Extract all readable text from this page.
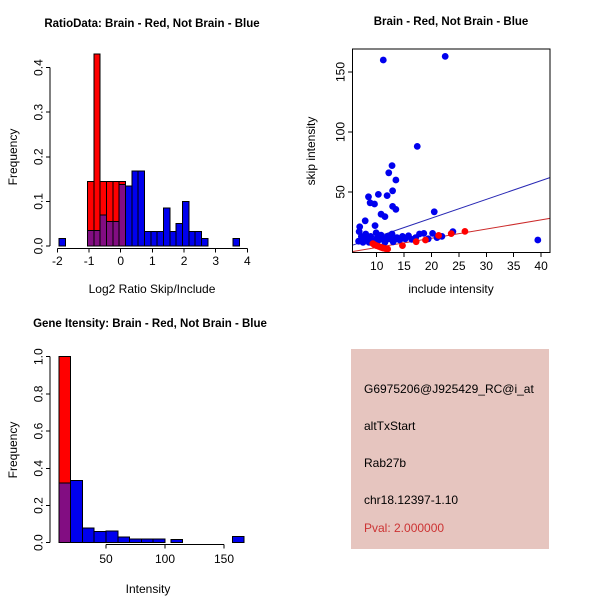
-2 -1 0 1 2 3 4
0.0
0.1
0.2
0.3
0.4
RatioData: Brain - Red, Not Brain - Blue
Log2 Ratio Skip/Include
Frequency
10 15 20 25 30 35 40
50
100
150
Brain - Red, Not Brain - Blue
include intensity
skip intensity
50	100	150
0.0
0.2
0.4
0.6
0.8
1.0
Gene Itensity: Brain - Red, Not Brain - Blue
Intensity
Frequency
G6975206@J925429_RC@i_at
altTxStart
Rab27b
chr18.12397-1.10
Pval: 2.000000
